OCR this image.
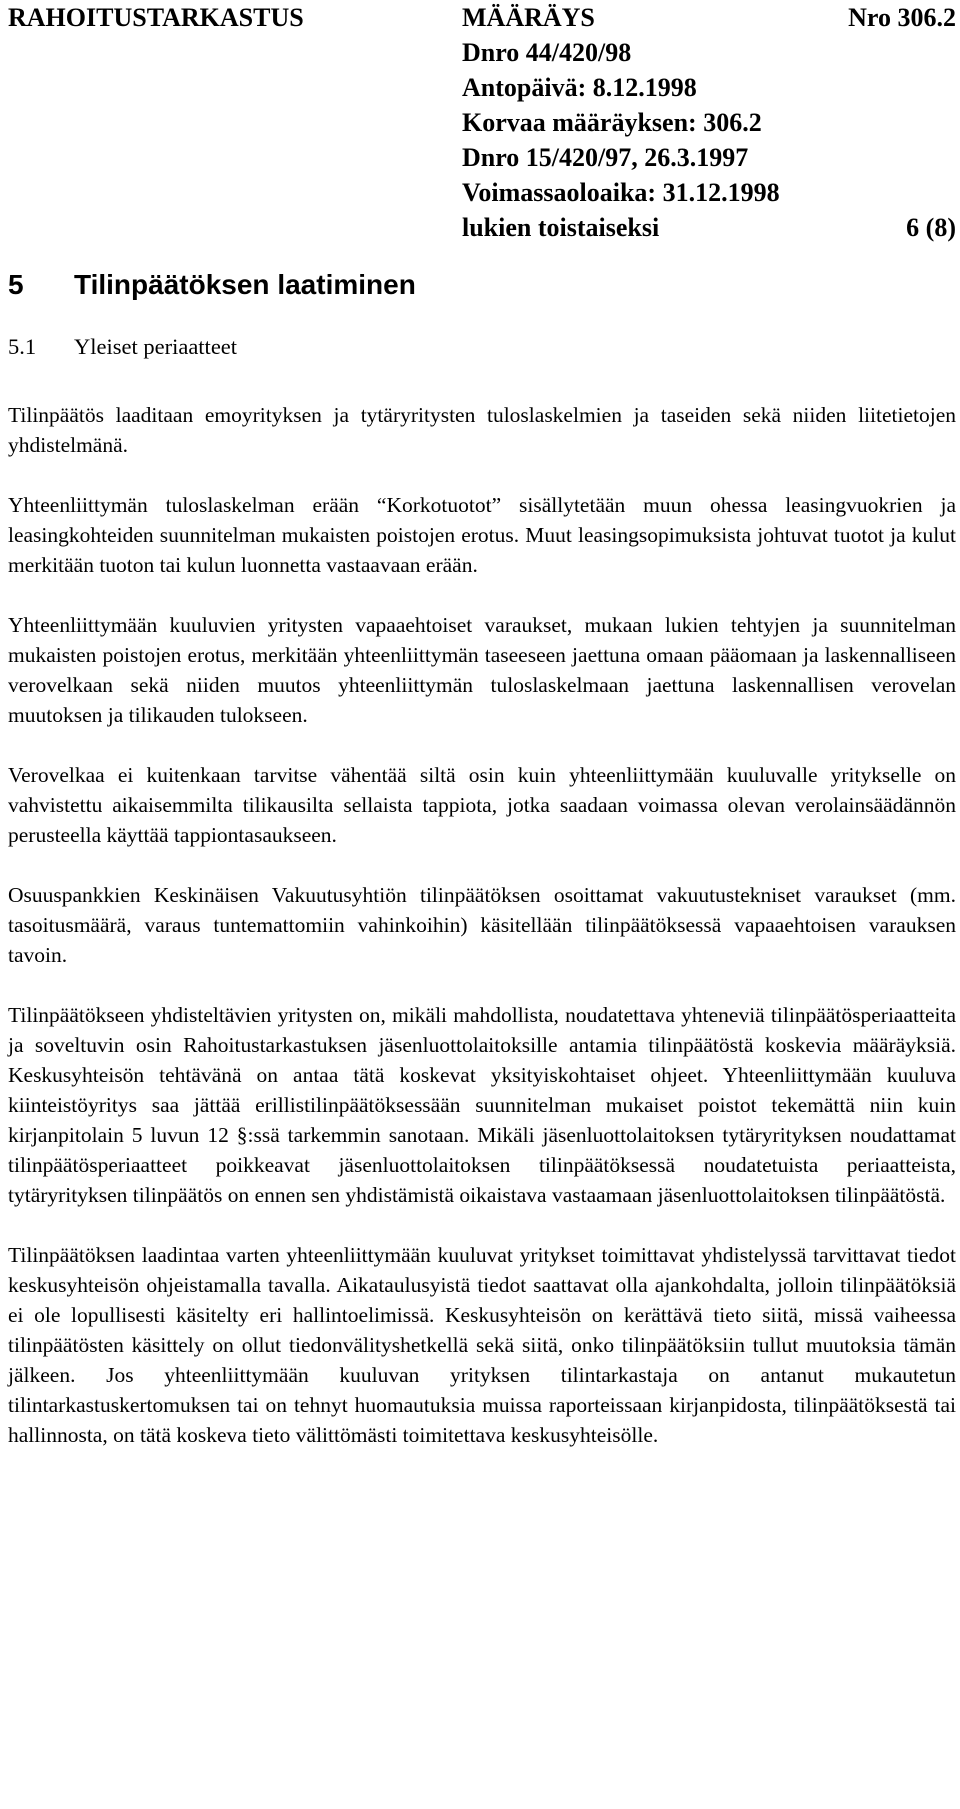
RAHOITUSTARKASTUS	MÄÄRÄYS
Dnro 44/420/98
Antopäivä: 8.12.1998
Korvaa määräyksen: 306.2
Dnro 15/420/97, 26.3.1997
Voimassaoloaika: 31.12.1998
lukien toistaiseksi
Nro 306.2
6 (8)
5 Tilinpäätöksen laatiminen
5.1 Yleiset periaatteet

Tilinpäätös laaditaan emoyrityksen ja tytäryritysten tuloslaskelmien ja taseiden sekä niiden liitetietojen yhdistelmänä.

Yhteenliittymän tuloslaskelman erään “Korkotuotot” sisällytetään muun ohessa leasingvuokrien ja leasingkohteiden suunnitelman mukaisten poistojen erotus. Muut leasingsopimuksista johtuvat tuotot ja kulut merkitään tuoton tai kulun luonnetta vastaavaan erään.

Yhteenliittymään kuuluvien yritysten vapaaehtoiset varaukset, mukaan lukien tehtyjen ja suunnitelman mukaisten poistojen erotus, merkitään yhteenliittymän taseeseen jaettuna omaan pääomaan ja laskennalliseen verovelkaan sekä niiden muutos yhteenliittymän tuloslaskelmaan jaettuna laskennallisen verovelan muutoksen ja tilikauden tulokseen.

Verovelkaa ei kuitenkaan tarvitse vähentää siltä osin kuin yhteenliittymään kuuluvalle yritykselle on vahvistettu aikaisemmilta tilikausilta sellaista tappiota, jotka saadaan voimassa olevan verolainsäädännön perusteella käyttää tappiontasaukseen.

Osuuspankkien Keskinäisen Vakuutusyhtiön tilinpäätöksen osoittamat vakuutustekniset varaukset (mm. tasoitusmäärä, varaus tuntemattomiin vahinkoihin) käsitellään tilinpäätöksessä vapaaehtoisen varauksen tavoin.

Tilinpäätökseen yhdisteltävien yritysten on, mikäli mahdollista, noudatettava yhteneviä tilinpäätösperiaatteita ja soveltuvin osin Rahoitustarkastuksen jäsenluottolaitoksille antamia tilinpäätöstä koskevia määräyksiä. Keskusyhteisön tehtävänä on antaa tätä koskevat yksityiskohtaiset ohjeet. Yhteenliittymään kuuluva kiinteistöyritys saa jättää erillistilinpäätöksessään suunnitelman mukaiset poistot tekemättä niin kuin kirjanpitolain 5 luvun 12 §:ssä tarkemmin sanotaan. Mikäli jäsenluottolaitoksen tytäryrityksen noudattamat tilinpäätösperiaatteet poikkeavat jäsenluottolaitoksen tilinpäätöksessä noudatetuista periaatteista, tytäryrityksen tilinpäätös on ennen sen yhdistämistä oikaistava vastaamaan jäsenluottolaitoksen tilinpäätöstä.

Tilinpäätöksen laadintaa varten yhteenliittymään kuuluvat yritykset toimittavat yhdistelyssä tarvittavat tiedot keskusyhteisön ohjeistamalla tavalla. Aikataulusyistä tiedot saattavat olla ajankohdalta, jolloin tilinpäätöksiä ei ole lopullisesti käsitelty eri hallintoelimissä. Keskusyhteisön on kerättävä tieto siitä, missä vaiheessa tilinpäätösten käsittely on ollut tiedonvälityshetkellä sekä siitä, onko tilinpäätöksiin tullut muutoksia tämän jälkeen. Jos yhteenliittymään kuuluvan yrityksen tilintarkastaja on antanut mukautetun tilintarkastuskertomuksen tai on tehnyt huomautuksia muissa raporteissaan kirjanpidosta, tilinpäätöksestä tai hallinnosta, on tätä koskeva tieto välittömästi toimitettava keskusyhteisölle.
